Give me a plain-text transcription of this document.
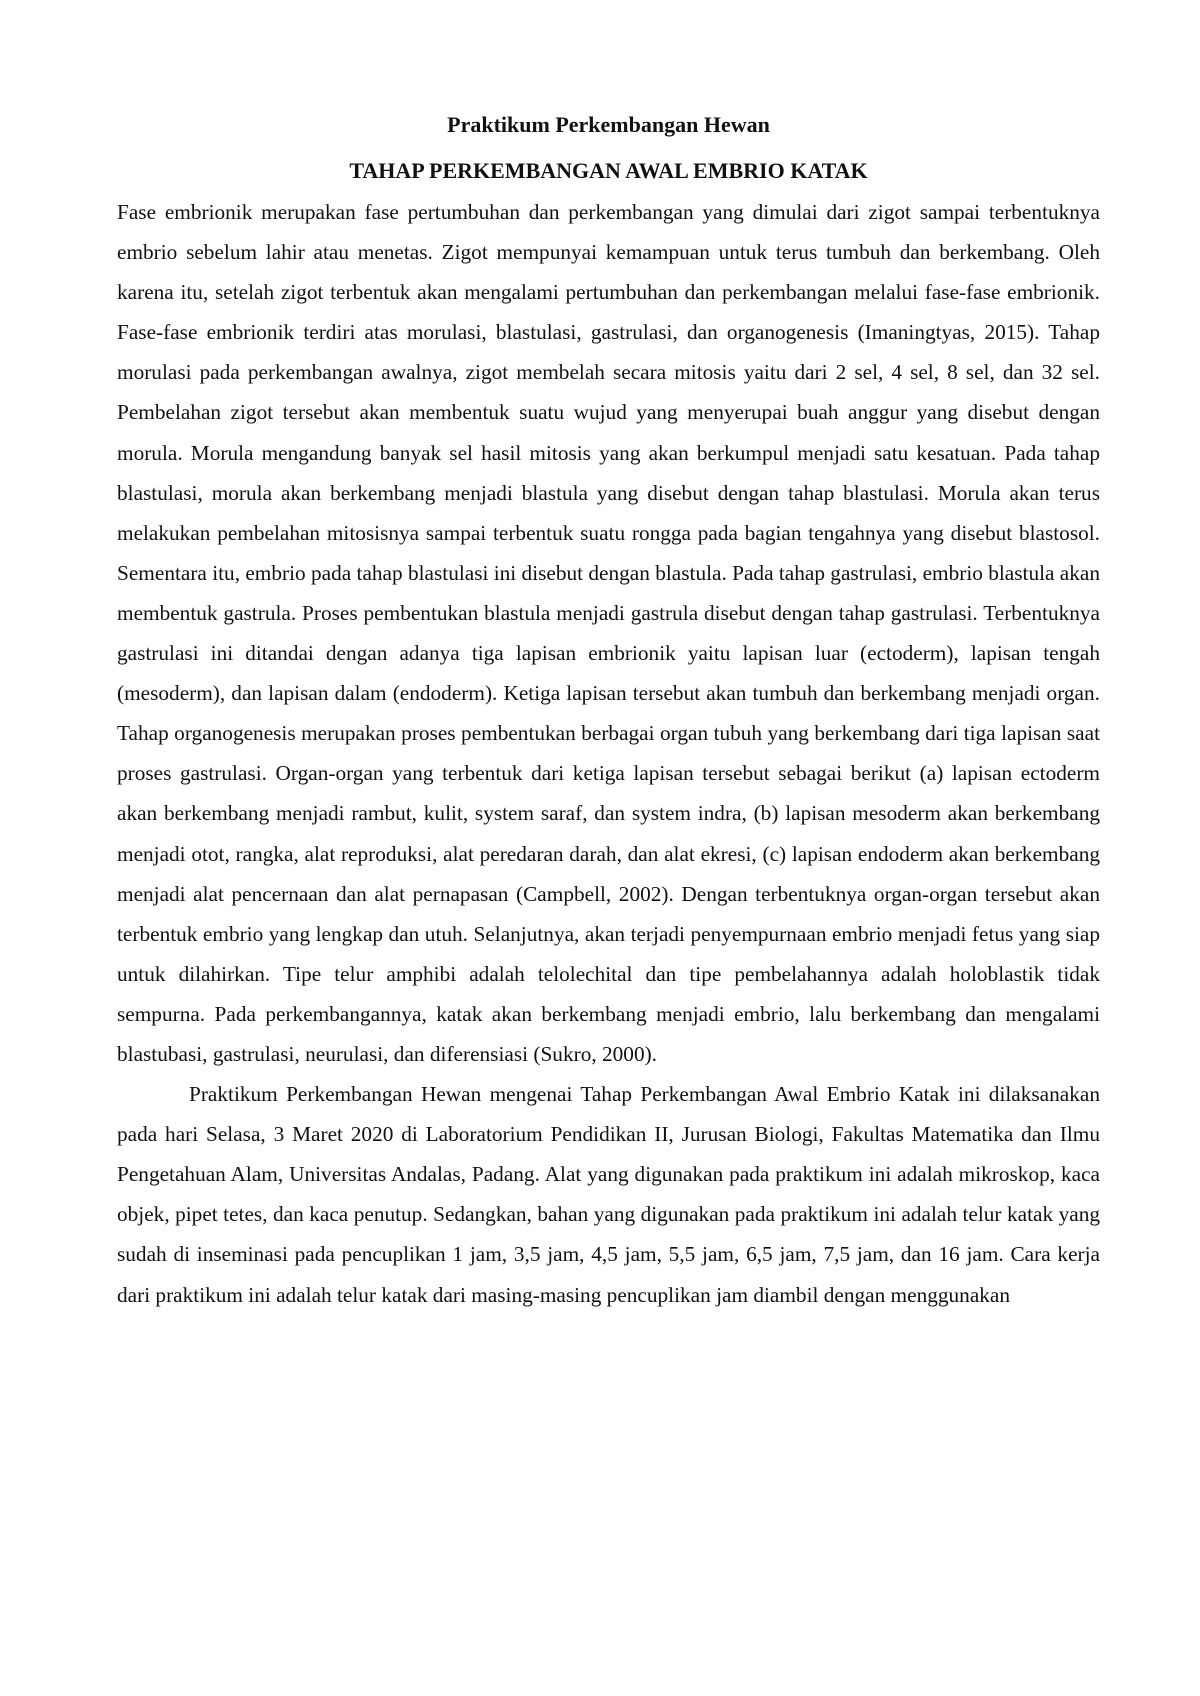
Praktikum Perkembangan Hewan
TAHAP PERKEMBANGAN AWAL EMBRIO KATAK

Fase embrionik merupakan fase pertumbuhan dan perkembangan yang dimulai dari zigot sampai terbentuknya embrio sebelum lahir atau menetas. Zigot mempunyai kemampuan untuk terus tumbuh dan berkembang. Oleh karena itu, setelah zigot terbentuk akan mengalami pertumbuhan dan perkembangan melalui fase-fase embrionik. Fase-fase embrionik terdiri atas morulasi, blastulasi, gastrulasi, dan organogenesis (Imaningtyas, 2015). Tahap morulasi pada perkembangan awalnya, zigot membelah secara mitosis yaitu dari 2 sel, 4 sel, 8 sel, dan 32 sel. Pembelahan zigot tersebut akan membentuk suatu wujud yang menyerupai buah anggur yang disebut dengan morula. Morula mengandung banyak sel hasil mitosis yang akan berkumpul menjadi satu kesatuan. Pada tahap blastulasi, morula akan berkembang menjadi blastula yang disebut dengan tahap blastulasi. Morula akan terus melakukan pembelahan mitosisnya sampai terbentuk suatu rongga pada bagian tengahnya yang disebut blastosol. Sementara itu, embrio pada tahap blastulasi ini disebut dengan blastula. Pada tahap gastrulasi, embrio blastula akan membentuk gastrula. Proses pembentukan blastula menjadi gastrula disebut dengan tahap gastrulasi. Terbentuknya gastrulasi ini ditandai dengan adanya tiga lapisan embrionik yaitu lapisan luar (ectoderm), lapisan tengah (mesoderm), dan lapisan dalam (endoderm). Ketiga lapisan tersebut akan tumbuh dan berkembang menjadi organ. Tahap organogenesis merupakan proses pembentukan berbagai organ tubuh yang berkembang dari tiga lapisan saat proses gastrulasi. Organ-organ yang terbentuk dari ketiga lapisan tersebut sebagai berikut (a) lapisan ectoderm akan berkembang menjadi rambut, kulit, system saraf, dan system indra, (b) lapisan mesoderm akan berkembang menjadi otot, rangka, alat reproduksi, alat peredaran darah, dan alat ekresi, (c) lapisan endoderm akan berkembang menjadi alat pencernaan dan alat pernapasan (Campbell, 2002). Dengan terbentuknya organ-organ tersebut akan terbentuk embrio yang lengkap dan utuh. Selanjutnya, akan terjadi penyempurnaan embrio menjadi fetus yang siap untuk dilahirkan. Tipe telur amphibi adalah telolechital dan tipe pembelahannya adalah holoblastik tidak sempurna. Pada perkembangannya, katak akan berkembang menjadi embrio, lalu berkembang dan mengalami blastubasi, gastrulasi, neurulasi, dan diferensiasi (Sukro, 2000).

Praktikum Perkembangan Hewan mengenai Tahap Perkembangan Awal Embrio Katak ini dilaksanakan pada hari Selasa, 3 Maret 2020 di Laboratorium Pendidikan II, Jurusan Biologi, Fakultas Matematika dan Ilmu Pengetahuan Alam, Universitas Andalas, Padang. Alat yang digunakan pada praktikum ini adalah mikroskop, kaca objek, pipet tetes, dan kaca penutup. Sedangkan, bahan yang digunakan pada praktikum ini adalah telur katak yang sudah di inseminasi pada pencuplikan 1 jam, 3,5 jam, 4,5 jam, 5,5 jam, 6,5 jam, 7,5 jam, dan 16 jam. Cara kerja dari praktikum ini adalah telur katak dari masing-masing pencuplikan jam diambil dengan menggunakan
